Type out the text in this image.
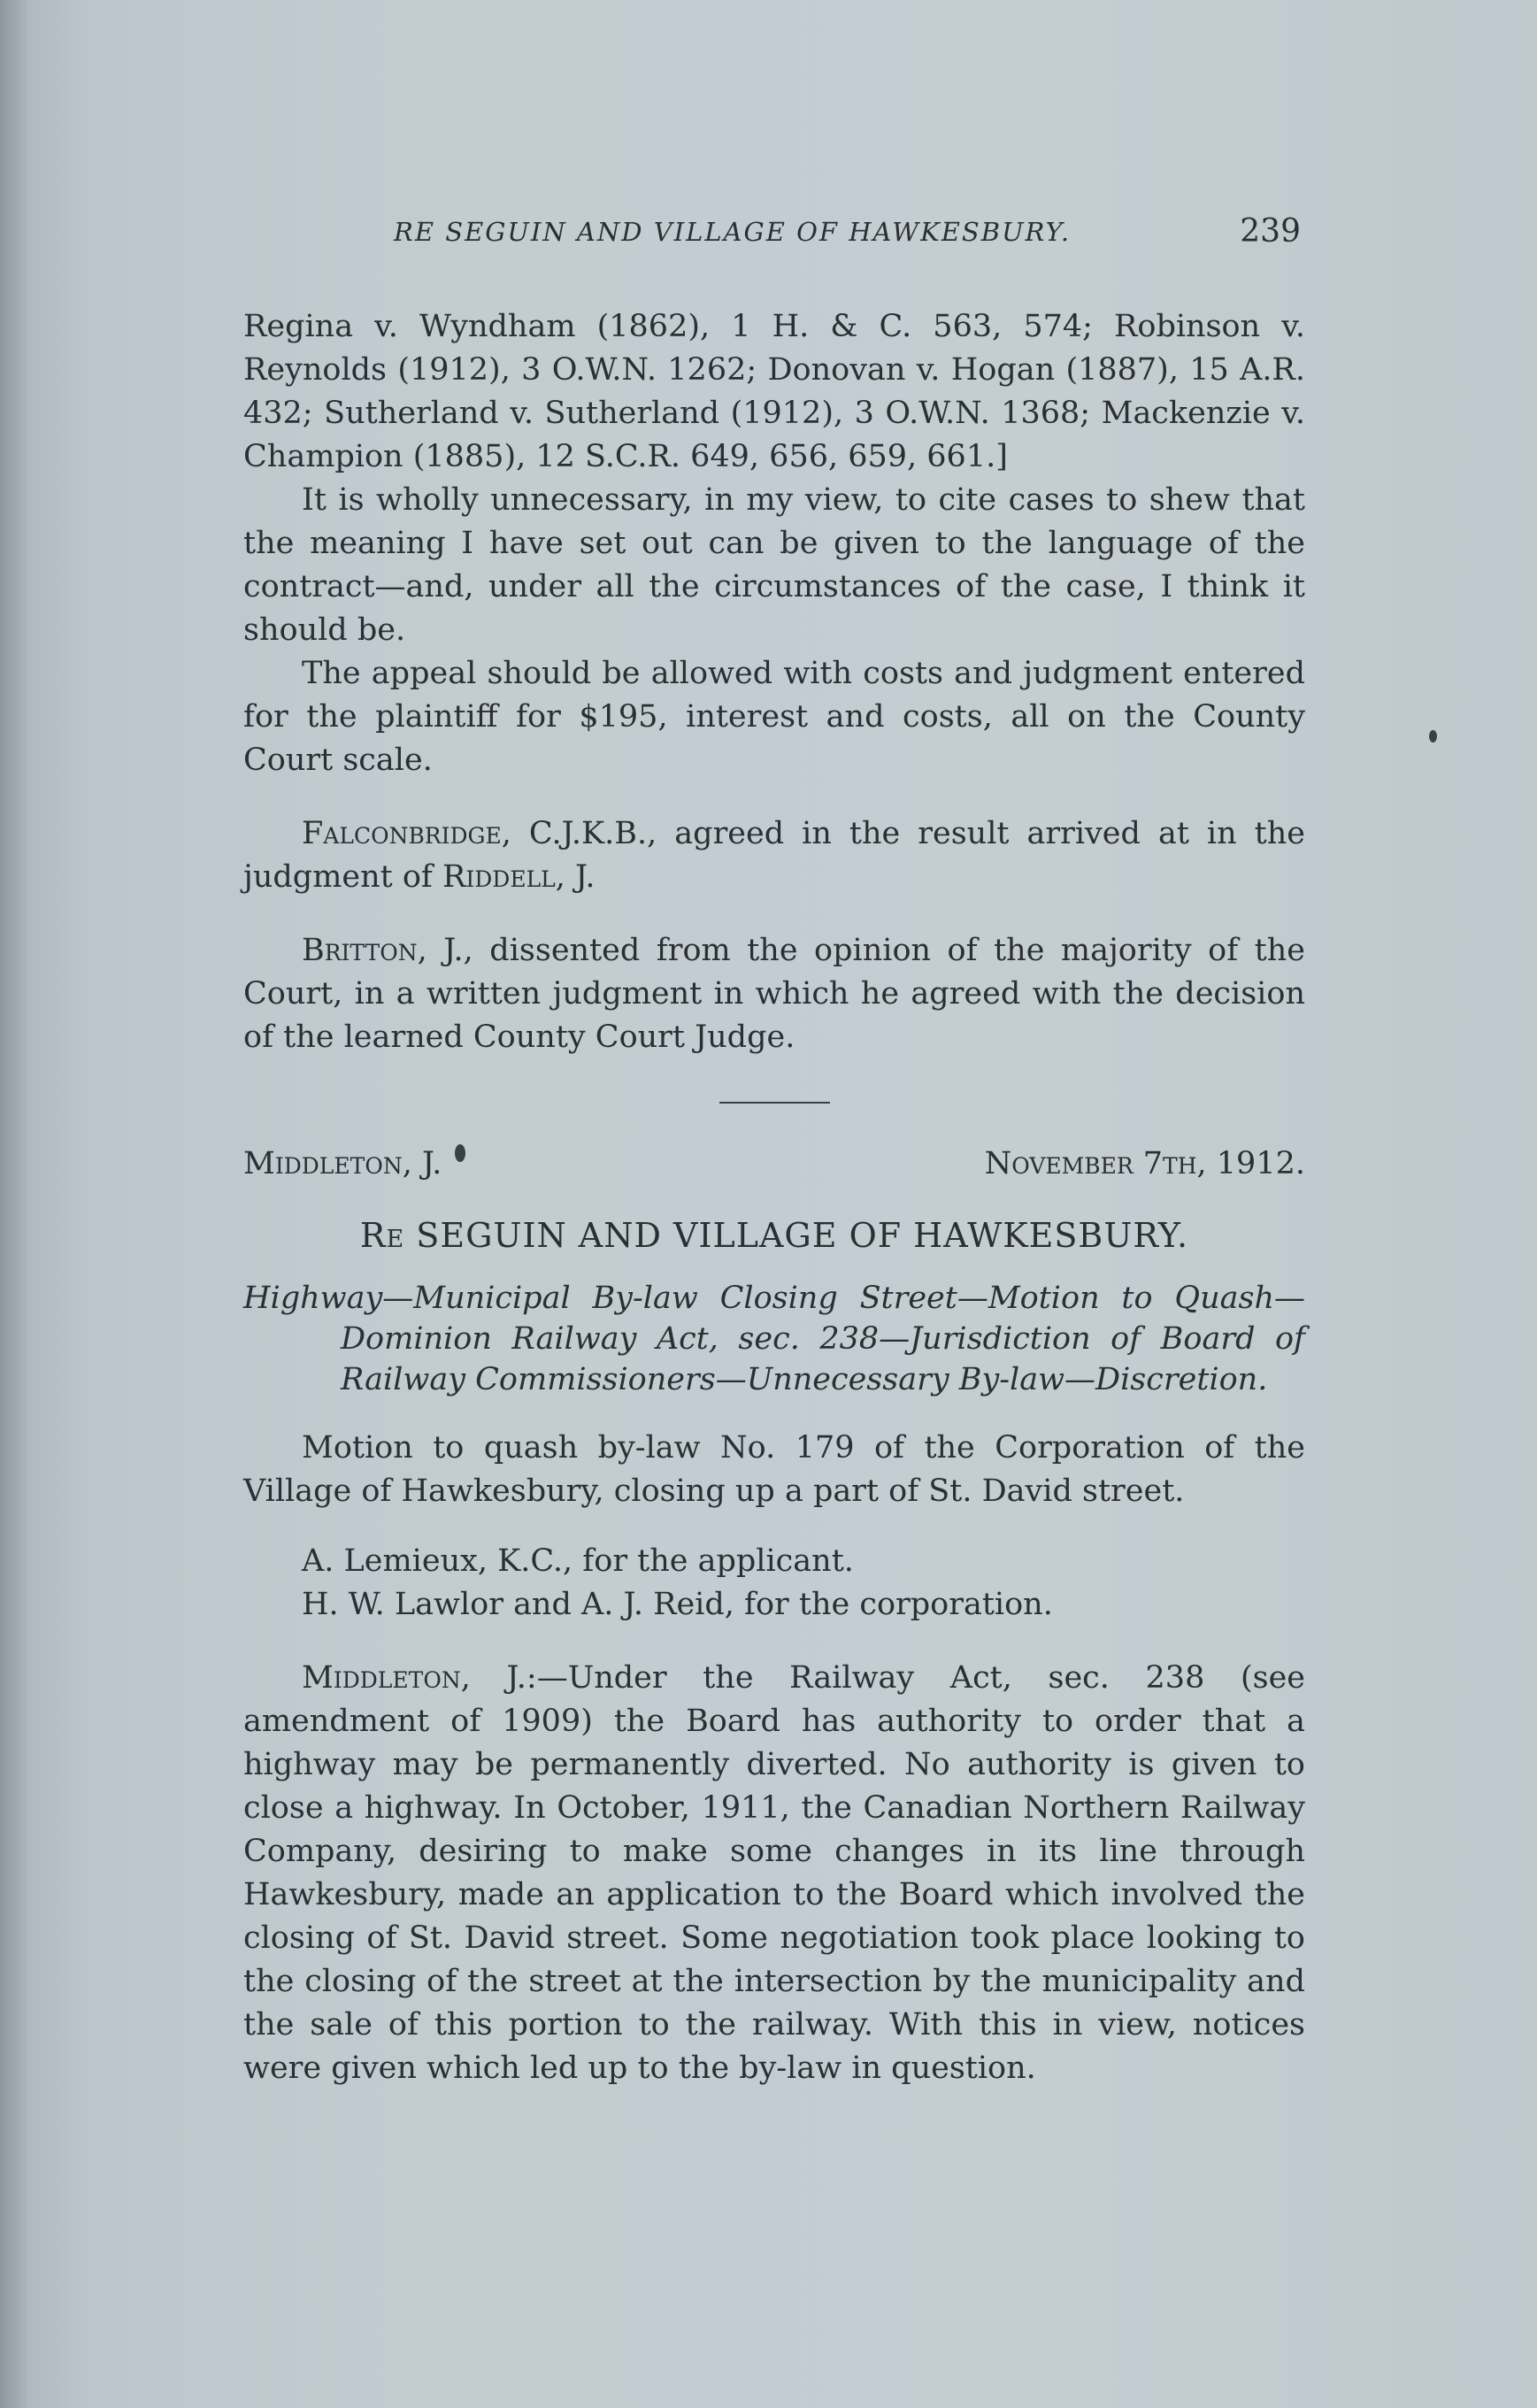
RE SEGUIN AND VILLAGE OF HAWKESBURY.	239

Regina v. Wyndham (1862), 1 H. & C. 563, 574; Robinson v. Reynolds (1912), 3 O.W.N. 1262; Donovan v. Hogan (1887), 15 A.R. 432; Sutherland v. Sutherland (1912), 3 O.W.N. 1368; Mackenzie v. Champion (1885), 12 S.C.R. 649, 656, 659, 661.]

It is wholly unnecessary, in my view, to cite cases to shew that the meaning I have set out can be given to the language of the contract—and, under all the circumstances of the case, I think it should be.

The appeal should be allowed with costs and judgment entered for the plaintiff for $195, interest and costs, all on the County Court scale.

Falconbridge, C.J.K.B., agreed in the result arrived at in the judgment of Riddell, J.

Britton, J., dissented from the opinion of the majority of the Court, in a written judgment in which he agreed with the decision of the learned County Court Judge.

Middleton, J.	November 7th, 1912.
Re SEGUIN AND VILLAGE OF HAWKESBURY.

Highway—Municipal By-law Closing Street—Motion to Quash—Dominion Railway Act, sec. 238—Jurisdiction of Board of Railway Commissioners—Unnecessary By-law—Discretion.

Motion to quash by-law No. 179 of the Corporation of the Village of Hawkesbury, closing up a part of St. David street.

A. Lemieux, K.C., for the applicant.

H. W. Lawlor and A. J. Reid, for the corporation.

Middleton, J.:—Under the Railway Act, sec. 238 (see amendment of 1909) the Board has authority to order that a highway may be permanently diverted. No authority is given to close a highway. In October, 1911, the Canadian Northern Railway Company, desiring to make some changes in its line through Hawkesbury, made an application to the Board which involved the closing of St. David street. Some negotiation took place looking to the closing of the street at the intersection by the municipality and the sale of this portion to the railway. With this in view, notices were given which led up to the by-law in question.
